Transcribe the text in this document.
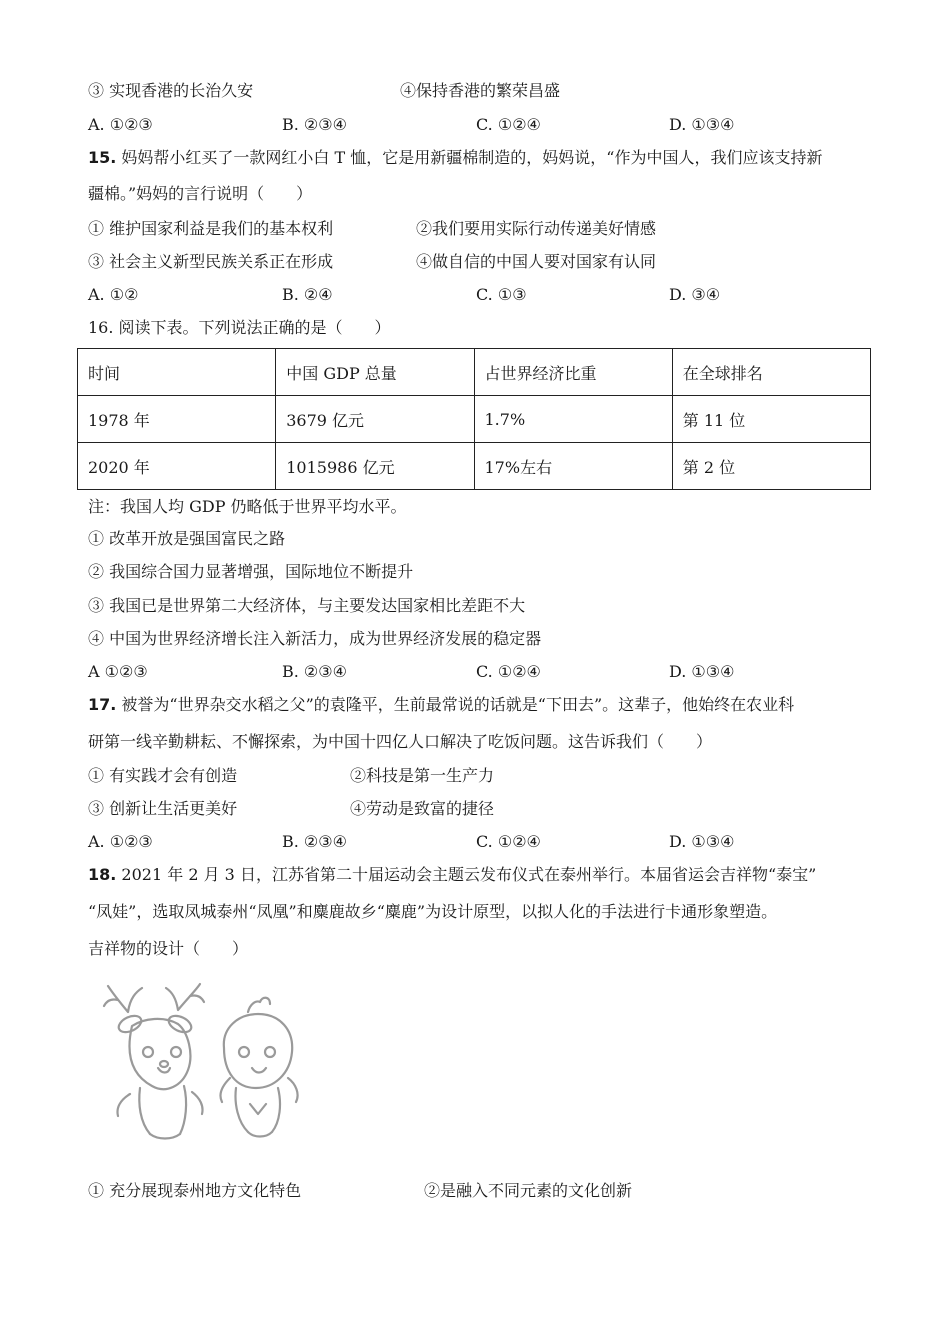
③ 实现香港的长治久安	④保持香港的繁荣昌盛
A. ①②③	B. ②③④	C. ①②④	D. ①③④
15. 妈妈帮小红买了一款网红小白 T 恤，它是用新疆棉制造的，妈妈说，“作为中国人，我们应该支持新
疆棉。”妈妈的言行说明（　　）
① 维护国家利益是我们的基本权利	②我们要用实际行动传递美好情感
③ 社会主义新型民族关系正在形成	④做自信的中国人要对国家有认同
A. ①②	B. ②④	C. ①③	D. ③④
16. 阅读下表。下列说法正确的是（　　）
时间	中国 GDP 总量	占世界经济比重	在全球排名
1978 年	3679 亿元	1.7%	第 11 位
2020 年	1015986 亿元	17%左右	第 2 位
注：我国人均 GDP 仍略低于世界平均水平。
① 改革开放是强国富民之路
② 我国综合国力显著增强，国际地位不断提升
③ 我国已是世界第二大经济体，与主要发达国家相比差距不大
④ 中国为世界经济增长注入新活力，成为世界经济发展的稳定器
A ①②③	B. ②③④	C. ①②④	D. ①③④
17. 被誉为“世界杂交水稻之父”的袁隆平，生前最常说的话就是“下田去”。这辈子，他始终在农业科
研第一线辛勤耕耘、不懈探索，为中国十四亿人口解决了吃饭问题。这告诉我们（　　）
① 有实践才会有创造	②科技是第一生产力
③ 创新让生活更美好	④劳动是致富的捷径
A. ①②③	B. ②③④	C. ①②④	D. ①③④
18. 2021 年 2 月 3 日，江苏省第二十届运动会主题云发布仪式在泰州举行。本届省运会吉祥物“泰宝”
“凤娃”，选取凤城泰州“凤凰”和麋鹿故乡“麋鹿”为设计原型，以拟人化的手法进行卡通形象塑造。
吉祥物的设计（　　）
① 充分展现泰州地方文化特色	②是融入不同元素的文化创新
